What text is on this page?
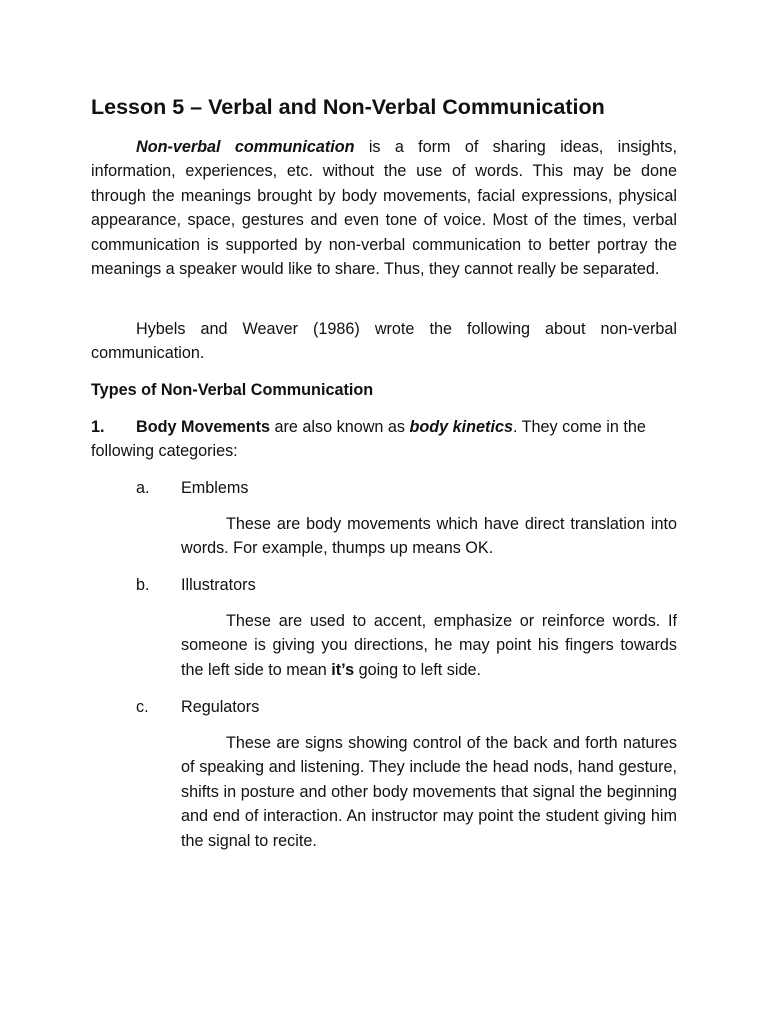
Lesson 5 – Verbal and Non-Verbal Communication
Non-verbal communication is a form of sharing ideas, insights, information, experiences, etc. without the use of words. This may be done through the meanings brought by body movements, facial expressions, physical appearance, space, gestures and even tone of voice. Most of the times, verbal communication is supported by non-verbal communication to better portray the meanings a speaker would like to share. Thus, they cannot really be separated.
Hybels and Weaver (1986) wrote the following about non-verbal communication.
Types of Non-Verbal Communication
1. Body Movements are also known as body kinetics. They come in the following categories:
a. Emblems
These are body movements which have direct translation into words. For example, thumps up means OK.
b. Illustrators
These are used to accent, emphasize or reinforce words. If someone is giving you directions, he may point his fingers towards the left side to mean it’s going to left side.
c. Regulators
These are signs showing control of the back and forth natures of speaking and listening. They include the head nods, hand gesture, shifts in posture and other body movements that signal the beginning and end of interaction. An instructor may point the student giving him the signal to recite.
